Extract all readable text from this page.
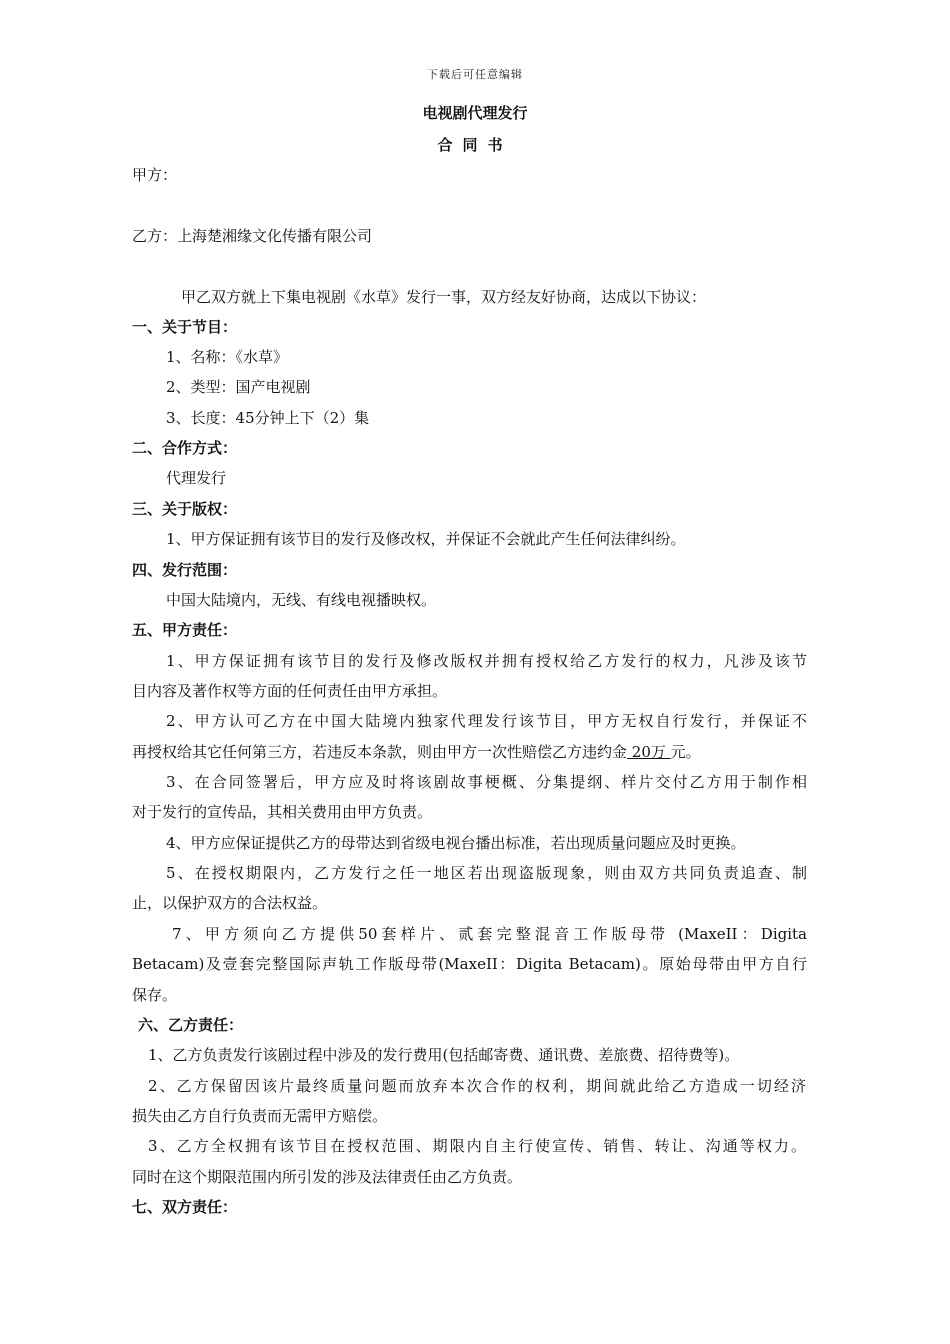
下载后可任意编辑
电视剧代理发行
合同书
甲方：
乙方：上海楚湘缘文化传播有限公司
甲乙双方就上下集电视剧《水草》发行一事，双方经友好协商，达成以下协议：
一、关于节目：
1、名称：《水草》
2、类型：国产电视剧
3、长度：45分钟上下（2）集
二、合作方式：
代理发行
三、关于版权：
1、甲方保证拥有该节目的发行及修改权，并保证不会就此产生任何法律纠纷。
四、发行范围：
中国大陆境内，无线、有线电视播映权。
五、甲方责任：
1、甲方保证拥有该节目的发行及修改版权并拥有授权给乙方发行的权力，凡涉及该节
目内容及著作权等方面的任何责任由甲方承担。
2、甲方认可乙方在中国大陆境内独家代理发行该节目，甲方无权自行发行，并保证不
再授权给其它任何第三方，若违反本条款，则由甲方一次性赔偿乙方违约金 20万 元。
3、在合同签署后，甲方应及时将该剧故事梗概、分集提纲、样片交付乙方用于制作相
对于发行的宣传品，其相关费用由甲方负责。
4、甲方应保证提供乙方的母带达到省级电视台播出标准，若出现质量问题应及时更换。
5、在授权期限内，乙方发行之任一地区若出现盗版现象，则由双方共同负责追查、制
止，以保护双方的合法权益。
7、甲方须向乙方提供50套样片、贰套完整混音工作版母带 (MaxeII：Digita
Betacam)及壹套完整国际声轨工作版母带(MaxeII：Digita Betacam)。原始母带由甲方自行
保存。
六、乙方责任：
1、乙方负责发行该剧过程中涉及的发行费用(包括邮寄费、通讯费、差旅费、招待费等)。
2、乙方保留因该片最终质量问题而放弃本次合作的权利，期间就此给乙方造成一切经济
损失由乙方自行负责而无需甲方赔偿。
3、乙方全权拥有该节目在授权范围、期限内自主行使宣传、销售、转让、沟通等权力。
同时在这个期限范围内所引发的涉及法律责任由乙方负责。
七、双方责任：
